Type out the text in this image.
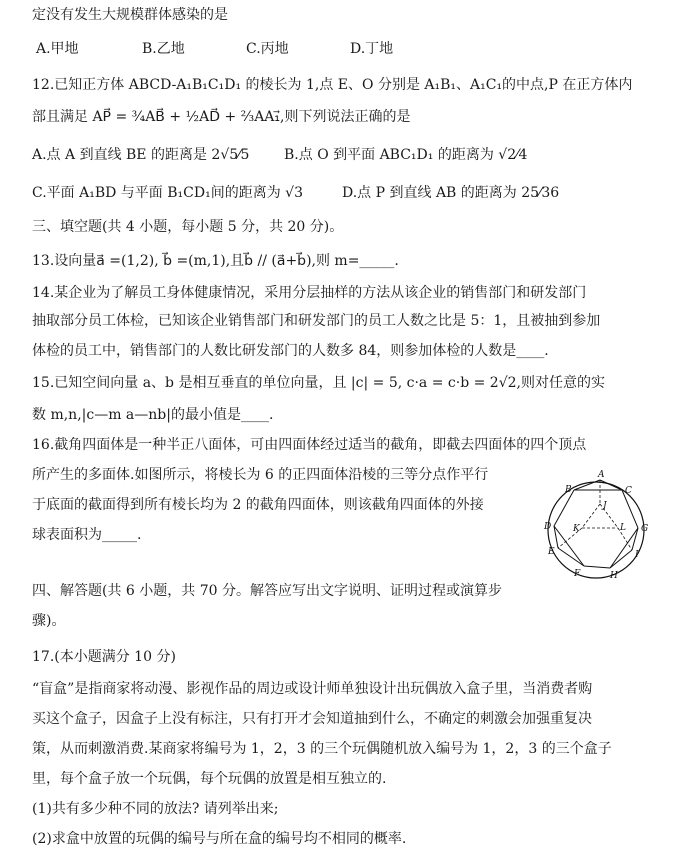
定没有发生大规模群体感染的是
A.甲地	B.乙地	C.丙地	D.丁地
12.已知正方体 ABCD-A₁B₁C₁D₁ 的棱长为 1,点 E、O 分别是 A₁B₁、A₁C₁的中点,P 在正方体内
部且满足 AP⃗ = ³⁄₄AB⃗ + ½AD⃗ + ⅔AA₁⃗,则下列说法正确的是
A.点 A 到直线 BE 的距离是 2√5⁄5 B.点 O 到平面 ABC₁D₁ 的距离为 √2⁄4
C.平面 A₁BD 与平面 B₁CD₁间的距离为 √3	D.点 P 到直线 AB 的距离为 25⁄36
三、填空题(共 4 小题，每小题 5 分，共 20 分)。
13.设向量a⃗ =(1,2), b⃗ =(m,1),且b⃗ // (a⃗+b⃗),则 m=_____.
14.某企业为了解员工身体健康情况，采用分层抽样的方法从该企业的销售部门和研发部门
抽取部分员工体检，已知该企业销售部门和研发部门的员工人数之比是 5：1，且被抽到参加
体检的员工中，销售部门的人数比研发部门的人数多 84，则参加体检的人数是____.
15.已知空间向量 a、b 是相互垂直的单位向量，且 |c| = 5, c·a = c·b = 2√2,则对任意的实
数 m,n,|c—m a—nb|的最小值是____.
16.截角四面体是一种半正八面体，可由四面体经过适当的截角，即截去四面体的四个顶点
所产生的多面体.如图所示，将棱长为 6 的正四面体沿棱的三等分点作平行
于底面的截面得到所有棱长均为 2 的截角四面体，则该截角四面体的外接
球表面积为_____.
A
B	C
D
J
K	L G
E	I
F	H
四、解答题(共 6 小题，共 70 分。解答应写出文字说明、证明过程或演算步
骤)。
17.(本小题满分 10 分)
“盲盒”是指商家将动漫、影视作品的周边或设计师单独设计出玩偶放入盒子里，当消费者购
买这个盒子，因盒子上没有标注，只有打开才会知道抽到什么，不确定的刺激会加强重复决
策，从而刺激消费.某商家将编号为 1，2，3 的三个玩偶随机放入编号为 1，2，3 的三个盒子
里，每个盒子放一个玩偶，每个玩偶的放置是相互独立的.
(1)共有多少种不同的放法? 请列举出来;
(2)求盒中放置的玩偶的编号与所在盒的编号均不相同的概率.
